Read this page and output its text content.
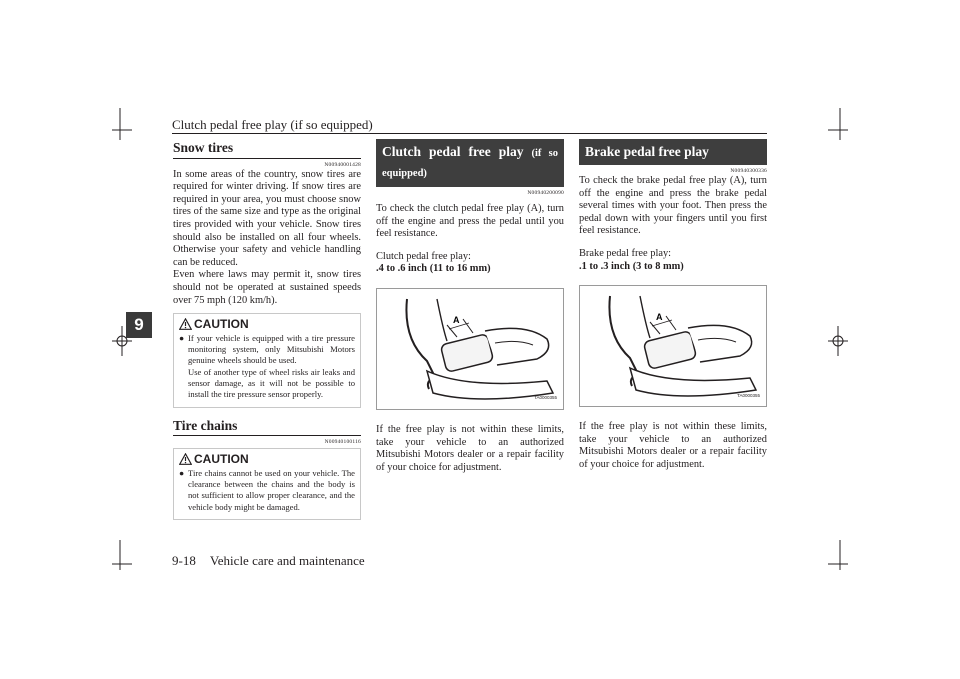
Clutch pedal free play (if so equipped)
9
Snow tires
N00940001428

In some areas of the country, snow tires are required for winter driving. If snow tires are required in your area, you must choose snow tires of the same size and type as the original tires provided with your vehicle. Snow tires should also be installed on all four wheels. Otherwise your safety and vehicle handling can be reduced.

Even where laws may permit it, snow tires should not be operated at sustained speeds over 75 mph (120 km/h).

CAUTION
● If your vehicle is equipped with a tire pressure monitoring system, only Mitsubishi Motors genuine wheels should be used.
Use of another type of wheel risks air leaks and sensor damage, as it will not be possible to install the tire pressure sensor properly.
Tire chains
N00940100116
CAUTION
● Tire chains cannot be used on your vehicle. The clearance between the chains and the body is not sufficient to allow proper clearance, and the vehicle body might be damaged.
Clutch pedal free play (if so equipped)
N00940200090

To check the clutch pedal free play (A), turn off the engine and press the pedal until you feel resistance.

Clutch pedal free play:

.4 to .6 inch (11 to 16 mm)

A
TA0000355

If the free play is not within these limits, take your vehicle to an authorized Mitsubishi Motors dealer or a repair facility of your choice for adjustment.

Brake pedal free play
N00940300336

To check the brake pedal free play (A), turn off the engine and press the brake pedal several times with your foot. Then press the pedal down with your fingers until you first feel resistance.

Brake pedal free play:

.1 to .3 inch (3 to 8 mm)

A
TA0000355

If the free play is not within these limits, take your vehicle to an authorized Mitsubishi Motors dealer or a repair facility of your choice for adjustment.

9-18 Vehicle care and maintenance
